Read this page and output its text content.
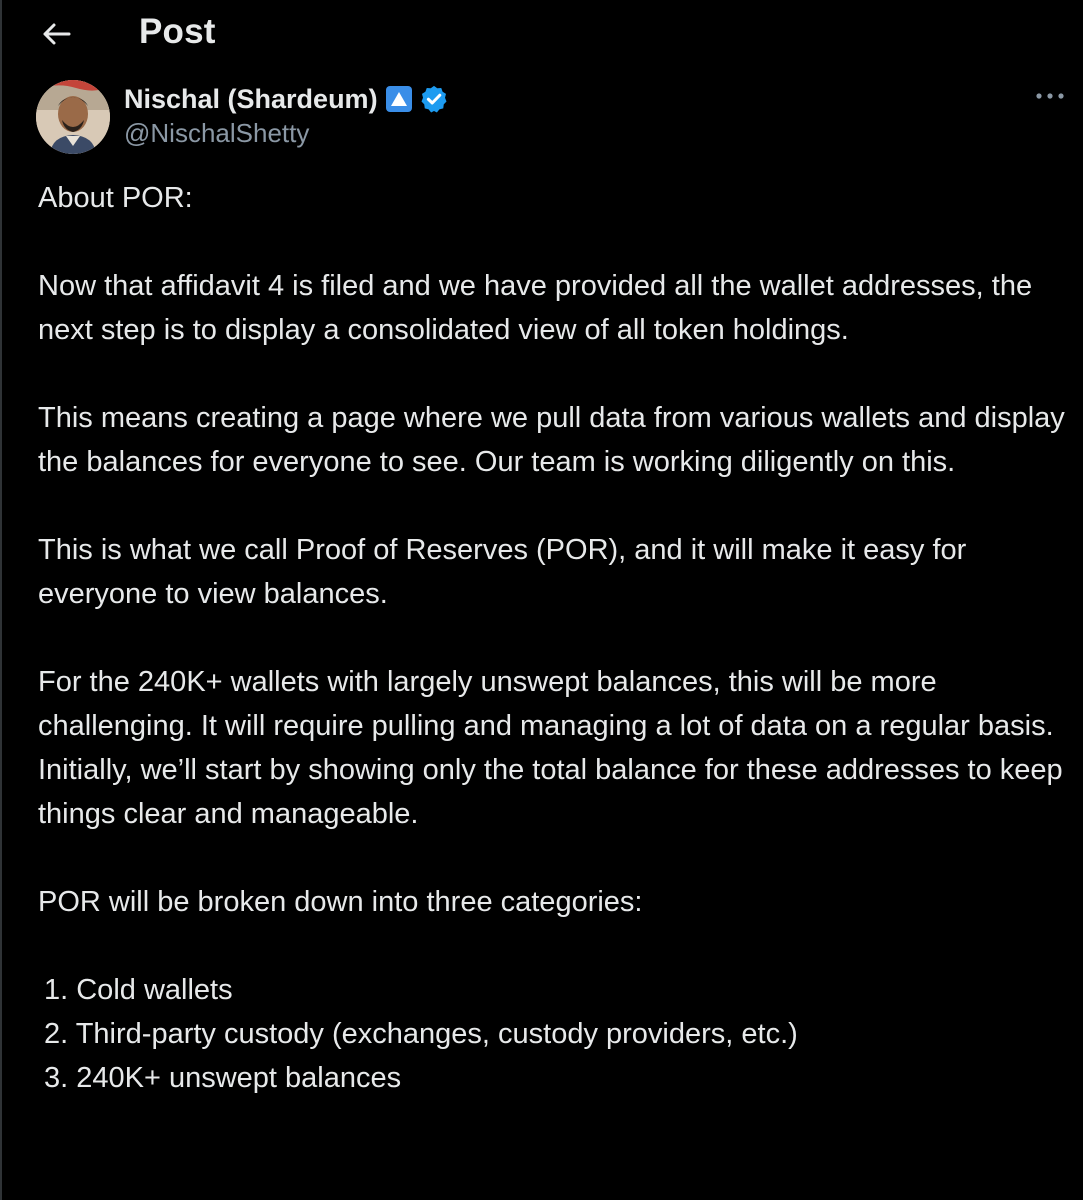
Post
Nischal (Shardeum)
@NischalShetty

About POR:

Now that affidavit 4 is filed and we have provided all the wallet addresses, the next step is to display a consolidated view of all token holdings.

This means creating a page where we pull data from various wallets and display the balances for everyone to see. Our team is working diligently on this.

This is what we call Proof of Reserves (POR), and it will make it easy for everyone to view balances.

For the 240K+ wallets with largely unswept balances, this will be more challenging. It will require pulling and managing a lot of data on a regular basis. Initially, we’ll start by showing only the total balance for these addresses to keep things clear and manageable.

POR will be broken down into three categories:

1. Cold wallets
2. Third-party custody (exchanges, custody providers, etc.)
3. 240K+ unswept balances
